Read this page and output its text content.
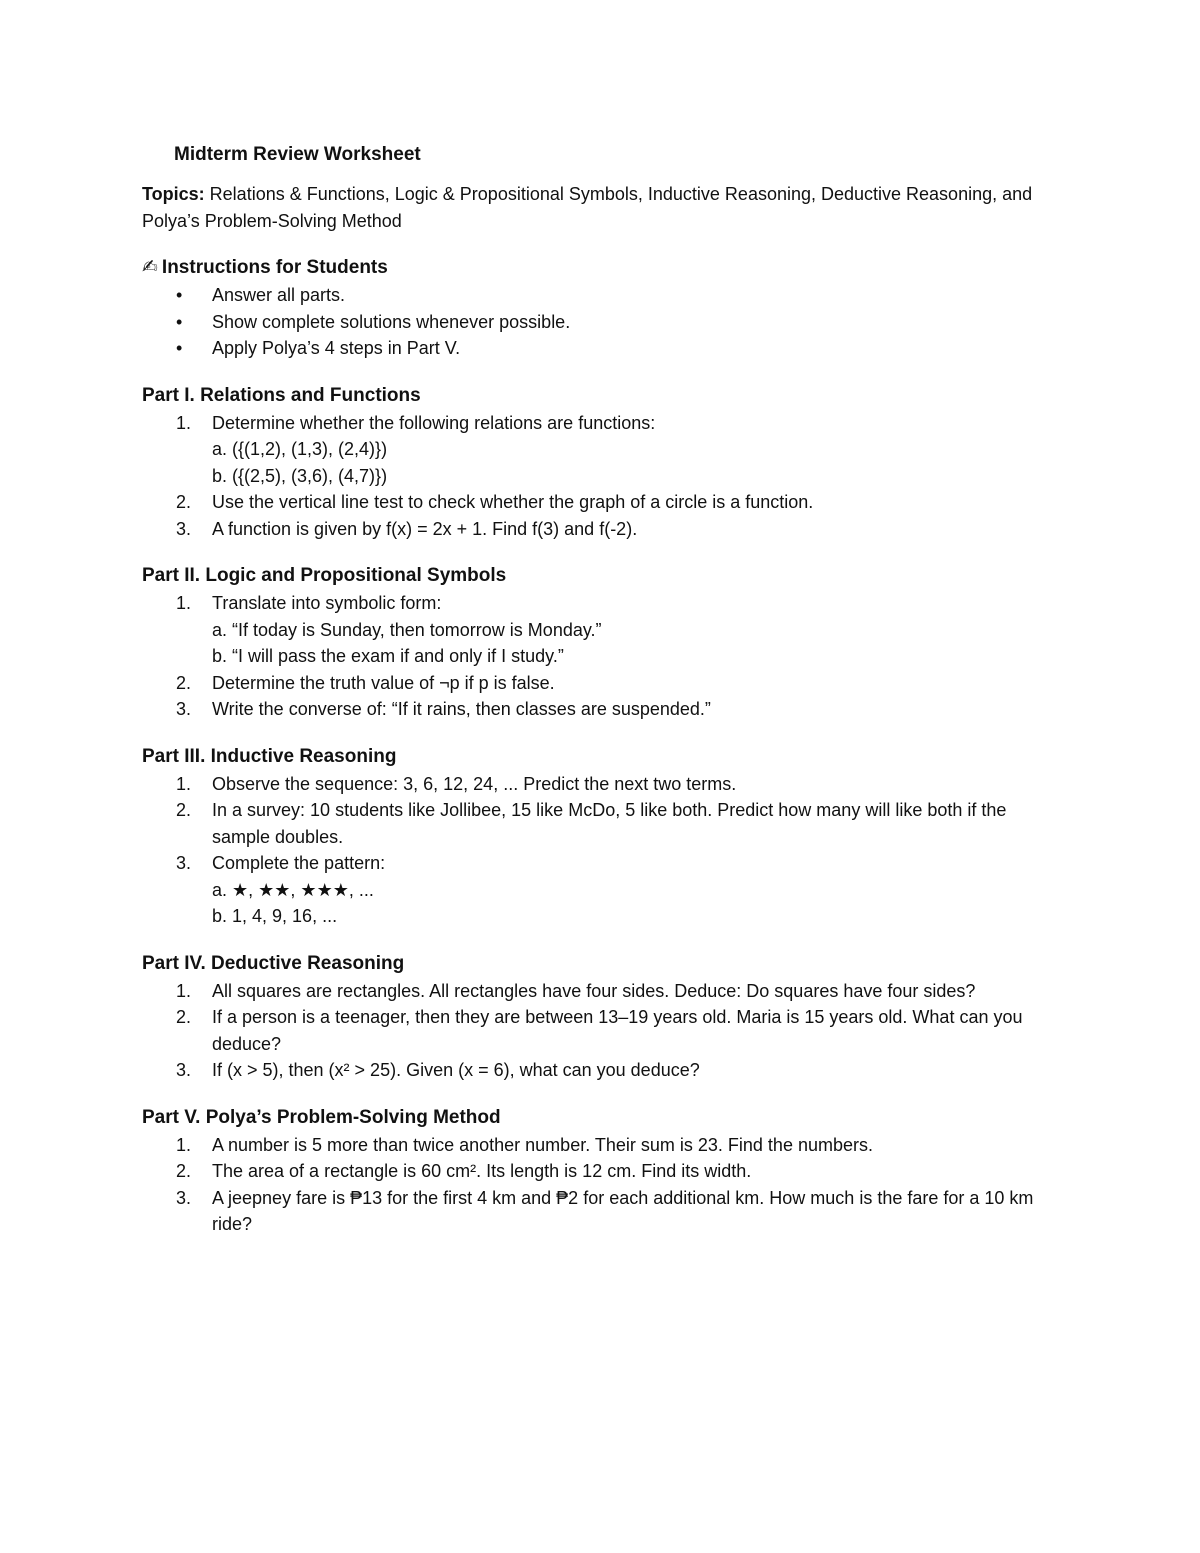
Midterm Review Worksheet
Topics: Relations & Functions, Logic & Propositional Symbols, Inductive Reasoning, Deductive Reasoning, and Polya’s Problem-Solving Method
✍ Instructions for Students
• Answer all parts.
• Show complete solutions whenever possible.
• Apply Polya’s 4 steps in Part V.
Part I. Relations and Functions
1. Determine whether the following relations are functions:
a. ({(1,2), (1,3), (2,4)})
b. ({(2,5), (3,6), (4,7)})
2. Use the vertical line test to check whether the graph of a circle is a function.
3. A function is given by f(x) = 2x + 1. Find f(3) and f(-2).
Part II. Logic and Propositional Symbols
1. Translate into symbolic form:
a. “If today is Sunday, then tomorrow is Monday.”
b. “I will pass the exam if and only if I study.”
2. Determine the truth value of ¬p if p is false.
3. Write the converse of: “If it rains, then classes are suspended.”
Part III. Inductive Reasoning
1. Observe the sequence: 3, 6, 12, 24, ... Predict the next two terms.
2. In a survey: 10 students like Jollibee, 15 like McDo, 5 like both. Predict how many will like both if the sample doubles.
3. Complete the pattern:
a. ★, ★★, ★★★, ...
b. 1, 4, 9, 16, ...
Part IV. Deductive Reasoning
1. All squares are rectangles. All rectangles have four sides. Deduce: Do squares have four sides?
2. If a person is a teenager, then they are between 13–19 years old. Maria is 15 years old. What can you deduce?
3. If (x > 5), then (x² > 25). Given (x = 6), what can you deduce?
Part V. Polya’s Problem-Solving Method
1. A number is 5 more than twice another number. Their sum is 23. Find the numbers.
2. The area of a rectangle is 60 cm². Its length is 12 cm. Find its width.
3. A jeepney fare is ₱13 for the first 4 km and ₱2 for each additional km. How much is the fare for a 10 km ride?
